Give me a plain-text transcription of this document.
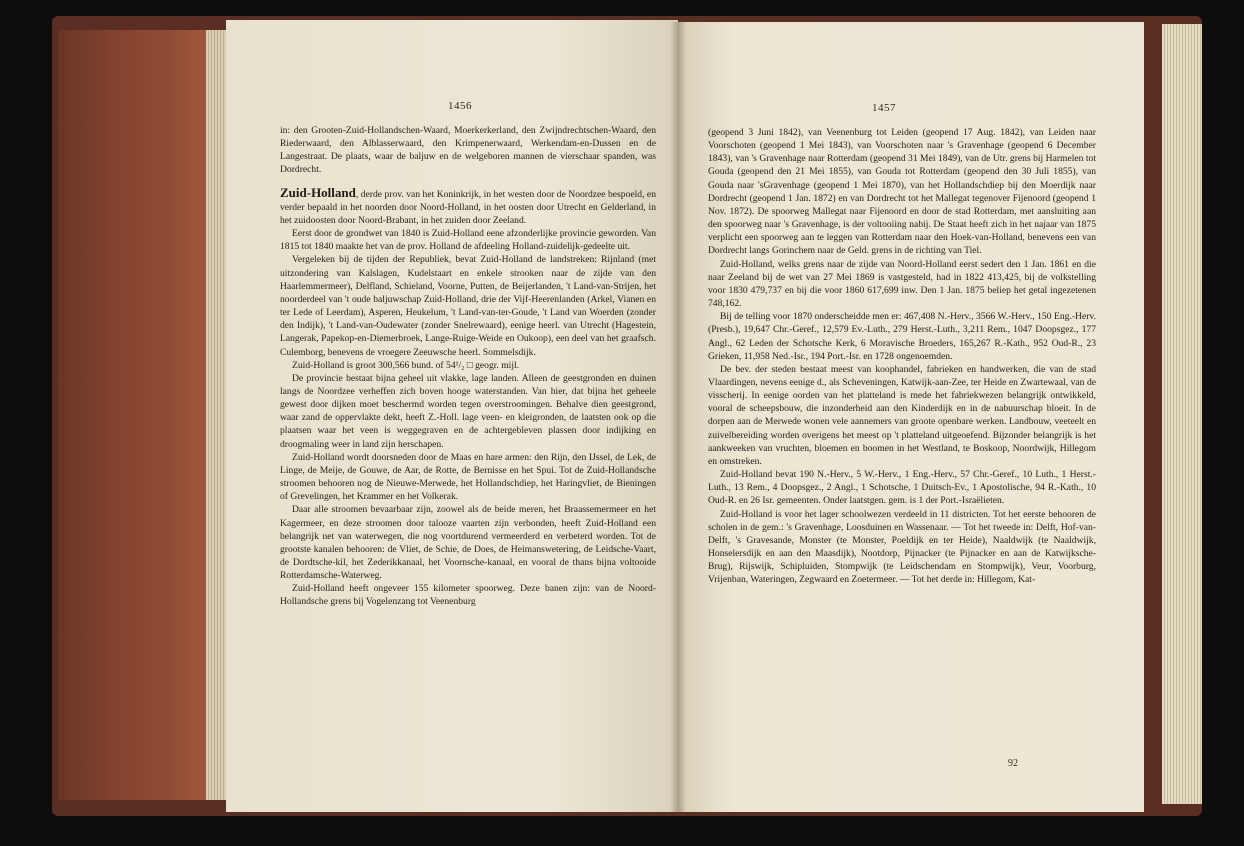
1456

in: den Grooten-Zuid-Hollandschen-Waard, Moerkerkerland, den Zwijndrechtschen-Waard, den Riederwaard, den Alblasserwaard, den Krimpenerwaard, Werkendam-en-Dussen en de Langestraat. De plaats, waar de baljuw en de welgeboren mannen de vierschaar spanden, was Dordrecht.

Zuid-Holland, derde prov. van het Koninkrijk, in het westen door de Noordzee bespoeld, en verder bepaald in het noorden door Noord-Holland, in het oosten door Utrecht en Gelderland, in het zuidoosten door Noord-Brabant, in het zuiden door Zeeland.

Eerst door de grondwet van 1840 is Zuid-Holland eene afzonderlijke provincie geworden. Van 1815 tot 1840 maakte het van de prov. Holland de afdeeling Holland-zuidelijk-gedeelte uit.

Vergeleken bij de tijden der Republiek, bevat Zuid-Holland de landstreken: Rijnland (met uitzondering van Kalslagen, Kudelstaart en enkele strooken naar de zijde van den Haarlemmermeer), Delfland, Schieland, Voorne, Putten, de Beijerlanden, 't Land-van-Strijen, het noorderdeel van 't oude baljuwschap Zuid-Holland, drie der Vijf-Heerenlanden (Arkel, Vianen en ter Lede of Leerdam), Asperen, Heukelum, 't Land-van-ter-Goude, 't Land van Woerden (zonder den Indijk), 't Land-van-Oudewater (zonder Snelrewaard), eenige heerl. van Utrecht (Hagestein, Langerak, Papekop-en-Diemerbroek, Lange-Ruige-Weide en Oukoop), een deel van het graafsch. Culemborg, benevens de vroegere Zeeuwsche heerl. Sommelsdijk.

Zuid-Holland is groot 300,566 bund. of 54¹/₂ □ geogr. mijl.

De provincie bestaat bijna geheel uit vlakke, lage landen. Alleen de geestgronden en duinen langs de Noordzee verheffen zich boven hooge waterstanden. Van hier, dat bijna het geheele gewest door dijken moet beschermd worden tegen overstroomingen. Behalve dien geestgrond, waar zand de oppervlakte dekt, heeft Z.-Holl. lage veen- en kleigronden, de laatsten ook op die plaatsen waar het veen is weggegraven en de achtergebleven plassen door indijking en droogmaling weer in land zijn herschapen.

Zuid-Holland wordt doorsneden door de Maas en hare armen: den Rijn, den IJssel, de Lek, de Linge, de Meije, de Gouwe, de Aar, de Rotte, de Bernisse en het Spui. Tot de Zuid-Hollandsche stroomen behooren nog de Nieuwe-Merwede, het Hollandschdiep, het Haringvliet, de Bieningen of Grevelingen, het Krammer en het Volkerak.

Daar alle stroomen bevaarbaar zijn, zoowel als de beide meren, het Braassemermeer en het Kagermeer, en deze stroomen door talooze vaarten zijn verbonden, heeft Zuid-Holland een belangrijk net van waterwegen, die nog voortdurend vermeerderd en verbeterd worden. Tot de grootste kanalen behooren: de Vliet, de Schie, de Does, de Heimanswetering, de Leidsche-Vaart, de Dordtsche-kil, het Zederikkanaal, het Voornsche-kanaal, en vooral de thans bijna voltooide Rotterdamsche-Waterweg.

Zuid-Holland heeft ongeveer 155 kilometer spoorweg. Deze banen zijn: van de Noord-Hollandsche grens bij Vogelenzang tot Veenenburg

1457

(geopend 3 Juni 1842), van Veenenburg tot Leiden (geopend 17 Aug. 1842), van Leiden naar Voorschoten (geopend 1 Mei 1843), van Voorschoten naar 's Gravenhage (geopend 6 December 1843), van 's Gravenhage naar Rotterdam (geopend 31 Mei 1849), van de Utr. grens bij Harmelen tot Gouda (geopend den 21 Mei 1855), van Gouda tot Rotterdam (geopend den 30 Juli 1855), van Gouda naar 'sGravenhage (geopend 1 Mei 1870), van het Hollandschdiep bij den Moerdijk naar Dordrecht (geopend 1 Jan. 1872) en van Dordrecht tot het Mallegat tegenover Fijenoord (geopend 1 Nov. 1872). De spoorweg Mallegat naar Fijenoord en door de stad Rotterdam, met aansluiting aan den spoorweg naar 's Gravenhage, is der voltooiing nabij. De Staat heeft zich in het najaar van 1875 verplicht een spoorweg aan te leggen van Rotterdam naar den Hoek-van-Holland, benevens een van Dordrecht langs Gorinchem naar de Geld. grens in de richting van Tiel.

Zuid-Holland, welks grens naar de zijde van Noord-Holland eerst sedert den 1 Jan. 1861 en die naar Zeeland bij de wet van 27 Mei 1869 is vastgesteld, had in 1822 413,425, bij de volkstelling voor 1830 479,737 en bij die voor 1860 617,699 inw. Den 1 Jan. 1875 beliep het getal ingezetenen 748,162.

Bij de telling voor 1870 onderscheidde men er: 467,408 N.-Herv., 3566 W.-Herv., 150 Eng.-Herv. (Presb.), 19,647 Chr.-Geref., 12,579 Ev.-Luth., 279 Herst.-Luth., 3,211 Rem., 1047 Doopsgez., 177 Angl., 62 Leden der Schotsche Kerk, 6 Moravische Broeders, 165,267 R.-Kath., 952 Oud-R., 23 Grieken, 11,958 Ned.-Isr., 194 Port.-Isr. en 1728 ongenoemden.

De bev. der steden bestaat meest van koophandel, fabrieken en handwerken, die van de stad Vlaardingen, nevens eenige d., als Scheveningen, Katwijk-aan-Zee, ter Heide en Zwartewaal, van de visscherij. In eenige oorden van het platteland is mede het fabriekwezen belangrijk ontwikkeld, vooral de scheepsbouw, die inzonderheid aan den Kinderdijk en in de nabuurschap bloeit. In de dorpen aan de Merwede wonen vele aannemers van groote openbare werken. Landbouw, veeteelt en zuivelbereiding worden overigens het meest op 't platteland uitgeoefend. Bijzonder belangrijk is het aankweeken van vruchten, bloemen en boomen in het Westland, te Boskoop, Noordwijk, Hillegom en omstreken.

Zuid-Holland bevat 190 N.-Herv., 5 W.-Herv., 1 Eng.-Herv., 57 Chr.-Geref., 10 Luth., 1 Herst.-Luth., 13 Rem., 4 Doopsgez., 2 Angl., 1 Schotsche, 1 Duitsch-Ev., 1 Apostolische, 94 R.-Kath., 10 Oud-R. en 26 Isr. gemeenten. Onder laatstgen. gem. is 1 der Port.-Israëlieten.

Zuid-Holland is voor het lager schoolwezen verdeeld in 11 districten. Tot het eerste behooren de scholen in de gem.: 's Gravenhage, Loosduinen en Wassenaar. — Tot het tweede in: Delft, Hof-van-Delft, 's Gravesande, Monster (te Monster, Poeldijk en ter Heide), Naaldwijk (te Naaldwijk, Honselersdijk en aan den Maasdijk), Nootdorp, Pijnacker (te Pijnacker en aan de Katwijksche-Brug), Rijswijk, Schipluiden, Stompwijk (te Leidschendam en Stompwijk), Veur, Voorburg, Vrijenban, Wateringen, Zegwaard en Zoetermeer. — Tot het derde in: Hillegom, Kat-

92
